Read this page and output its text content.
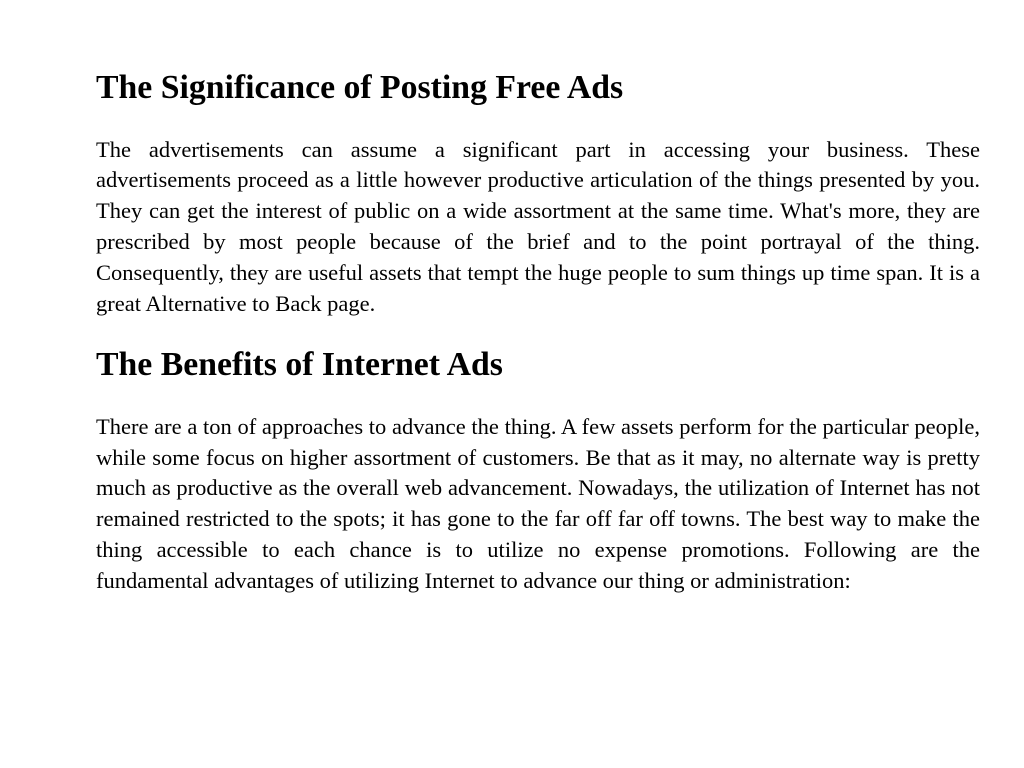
The Significance of Posting Free Ads

The advertisements can assume a significant part in accessing your business. These advertisements proceed as a little however productive articulation of the things presented by you. They can get the interest of public on a wide assortment at the same time. What's more, they are prescribed by most people because of the brief and to the point portrayal of the thing. Consequently, they are useful assets that tempt the huge people to sum things up time span. It is a great Alternative to Back page.

The Benefits of Internet Ads

There are a ton of approaches to advance the thing. A few assets perform for the particular people, while some focus on higher assortment of customers. Be that as it may, no alternate way is pretty much as productive as the overall web advancement. Nowadays, the utilization of Internet has not remained restricted to the spots; it has gone to the far off far off towns. The best way to make the thing accessible to each chance is to utilize no expense promotions. Following are the fundamental advantages of utilizing Internet to advance our thing or administration:
